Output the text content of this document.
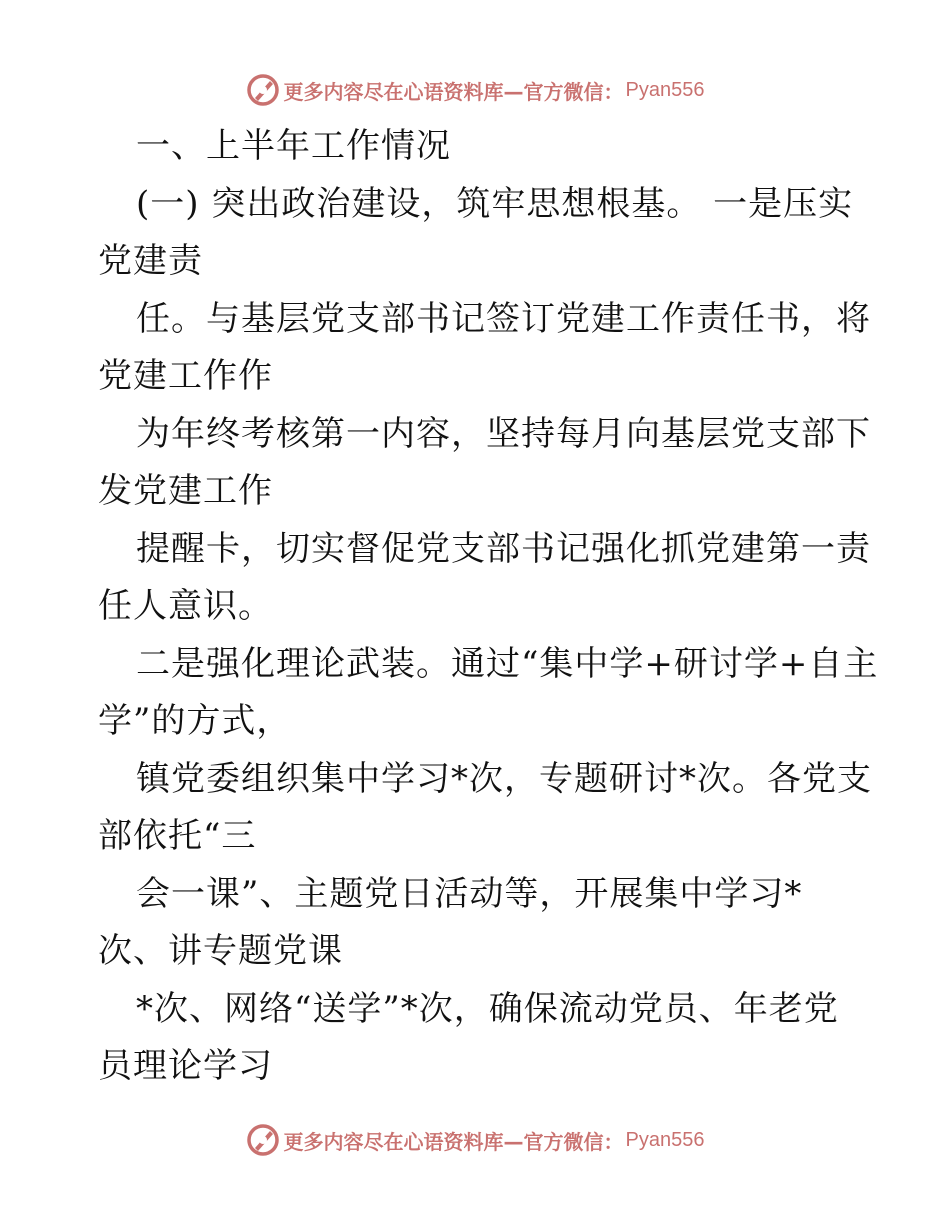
更多内容尽在心语资料库—官方微信： Pyan556
一、上半年工作情况
(一) 突出政治建设，筑牢思想根基。 一是压实
党建责
任。与基层党支部书记签订党建工作责任书，将
党建工作作
为年终考核第一内容，坚持每月向基层党支部下
发党建工作
提醒卡，切实督促党支部书记强化抓党建第一责
任人意识。
二是强化理论武装。通过“集中学+研讨学+自主
学”的方式，
镇党委组织集中学习*次，专题研讨*次。各党支
部依托“三
会一课”、主题党日活动等，开展集中学习*
次、讲专题党课
*次、网络“送学”*次，确保流动党员、年老党
员理论学习
更多内容尽在心语资料库—官方微信： Pyan556
